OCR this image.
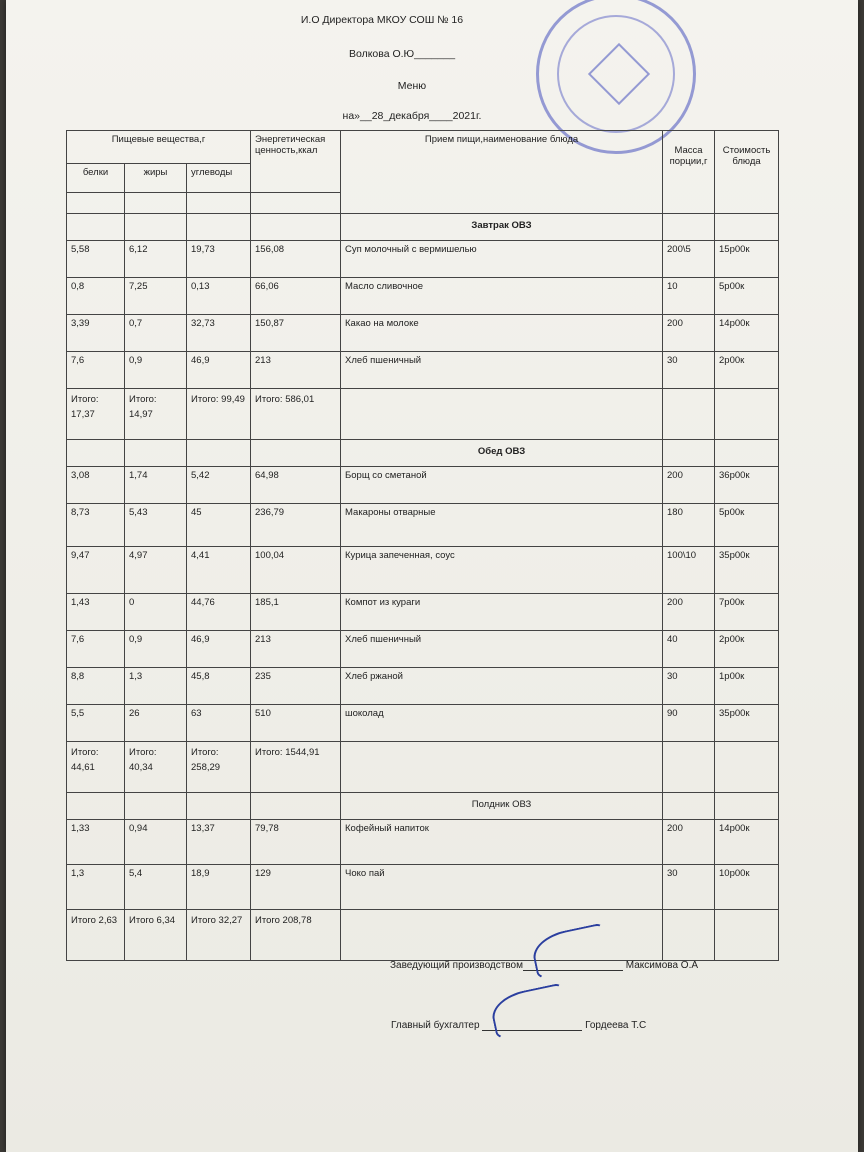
И.О Директора МКОУ СОШ № 16
Волкова О.Ю_______
Меню
на»__28_декабря____2021г.
Пищевые вещества,г			Энергетическая ценность,ккал	Прием пищи,наименование блюда	Масса порции,г	Стоимость блюда
белки	жиры	углеводы				

				Завтрак ОВЗ		
5,58	6,12	19,73	156,08	Суп молочный с вермишелью	200\5	15р00к
0,8	7,25	0,13	66,06	Масло сливочное	10	5р00к
3,39	0,7	32,73	150,87	Какао на молоке	200	14р00к
7,6	0,9	46,9	213	Хлеб пшеничный	30	2р00к
Итого: 17,37	Итого: 14,97	Итого: 99,49	Итого: 586,01			
				Обед ОВЗ		
3,08	1,74	5,42	64,98	Борщ со сметаной	200	36р00к
8,73	5,43	45	236,79	Макароны отварные	180	5р00к
9,47	4,97	4,41	100,04	Курица запеченная, соус	100\10	35р00к
1,43	0	44,76	185,1	Компот из кураги	200	7р00к
7,6	0,9	46,9	213	Хлеб пшеничный	40	2р00к
8,8	1,3	45,8	235	Хлеб ржаной	30	1р00к
5,5	26	63	510	шоколад	90	35р00к
Итого: 44,61	Итого: 40,34	Итого: 258,29	Итого: 1544,91			
				Полдник ОВЗ		
1,33	0,94	13,37	79,78	Кофейный напиток	200	14р00к
1,3	5,4	18,9	129	Чоко пай	30	10р00к
Итого 2,63	Итого 6,34	Итого 32,27	Итого 208,78			
Заведующий производством	Максимова О.А
Главный бухгалтер	Гордеева Т.С
